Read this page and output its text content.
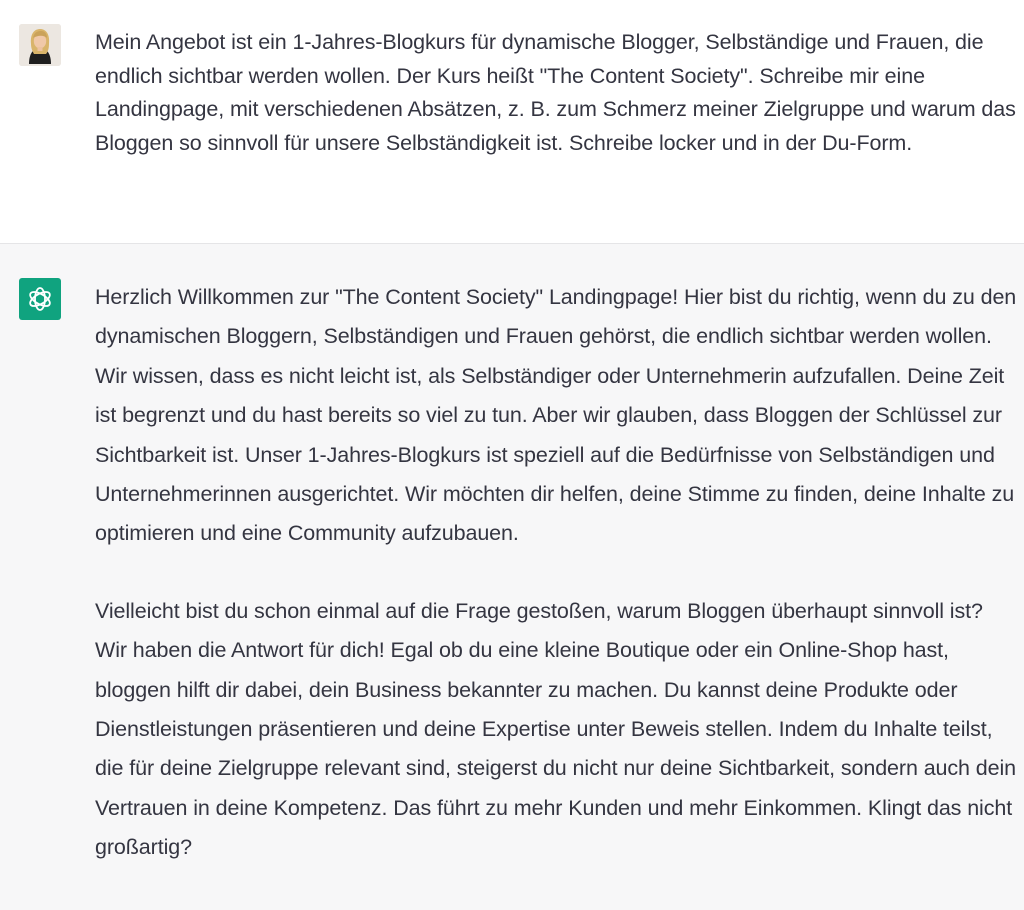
Mein Angebot ist ein 1-Jahres-Blogkurs für dynamische Blogger, Selbständige und Frauen, die endlich sichtbar werden wollen. Der Kurs heißt "The Content Society". Schreibe mir eine Landingpage, mit verschiedenen Absätzen, z. B. zum Schmerz meiner Zielgruppe und warum das Bloggen so sinnvoll für unsere Selbständigkeit ist. Schreibe locker und in der Du-Form.

Herzlich Willkommen zur "The Content Society" Landingpage! Hier bist du richtig, wenn du zu den dynamischen Bloggern, Selbständigen und Frauen gehörst, die endlich sichtbar werden wollen. Wir wissen, dass es nicht leicht ist, als Selbständiger oder Unternehmerin aufzufallen. Deine Zeit ist begrenzt und du hast bereits so viel zu tun. Aber wir glauben, dass Bloggen der Schlüssel zur Sichtbarkeit ist. Unser 1-Jahres-Blogkurs ist speziell auf die Bedürfnisse von Selbständigen und Unternehmerinnen ausgerichtet. Wir möchten dir helfen, deine Stimme zu finden, deine Inhalte zu optimieren und eine Community aufzubauen.

Vielleicht bist du schon einmal auf die Frage gestoßen, warum Bloggen überhaupt sinnvoll ist? Wir haben die Antwort für dich! Egal ob du eine kleine Boutique oder ein Online-Shop hast, bloggen hilft dir dabei, dein Business bekannter zu machen. Du kannst deine Produkte oder Dienstleistungen präsentieren und deine Expertise unter Beweis stellen. Indem du Inhalte teilst, die für deine Zielgruppe relevant sind, steigerst du nicht nur deine Sichtbarkeit, sondern auch dein Vertrauen in deine Kompetenz. Das führt zu mehr Kunden und mehr Einkommen. Klingt das nicht großartig?
